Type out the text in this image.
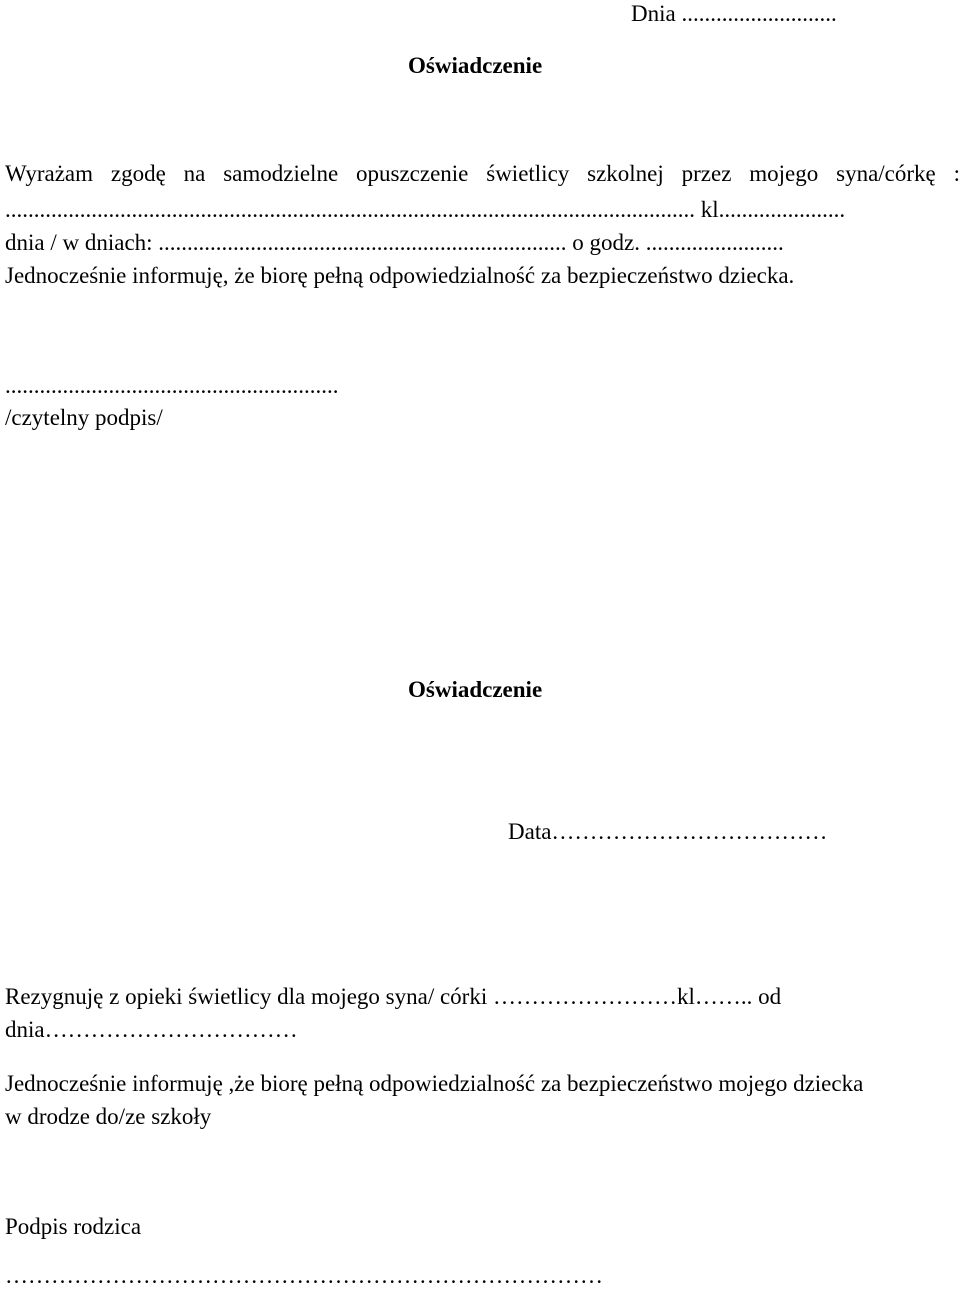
Dnia ...........................
Oświadczenie
Wyrażam zgodę na samodzielne opuszczenie świetlicy szkolnej przez mojego syna/córkę :
........................................................................................................................ kl......................
dnia / w dniach: ....................................................................... o godz. ........................
Jednocześnie informuję, że biorę pełną odpowiedzialność za bezpieczeństwo dziecka.
..........................................................
/czytelny podpis/
Oświadczenie
Data………………………………
Rezygnuję z opieki świetlicy dla mojego syna/ córki ……………………kl…….. od
dnia……………………………
Jednocześnie informuję ,że biorę pełną odpowiedzialność za bezpieczeństwo mojego dziecka
w drodze do/ze szkoły
Podpis rodzica
……………………………………………………………………
